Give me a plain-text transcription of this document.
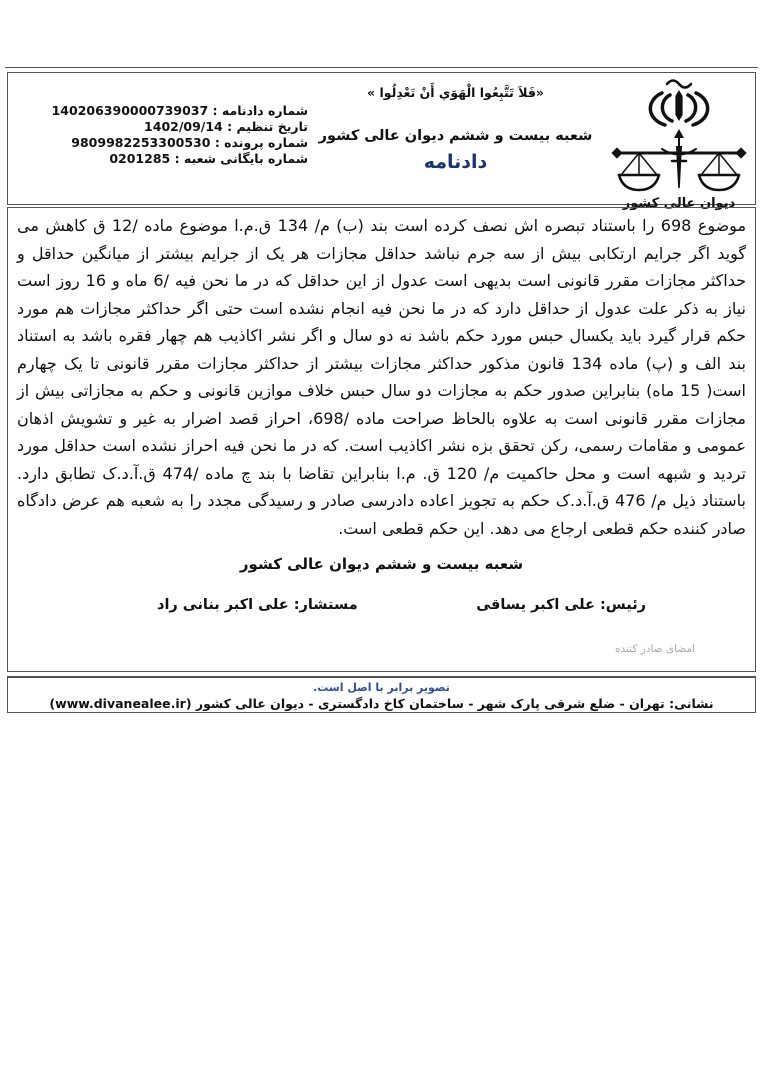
دیوان عالی کشور
«فَلاَ تَتَّبِعُوا الْهَوَي أَنْ تَعْدِلُوا »
شعبه بیست و ششم دیوان عالی کشور
دادنامه
شماره دادنامه : 140206390000739037
تاریخ تنظیم : 1402/09/14
شماره پرونده : 9809982253300530
شماره بایگانی شعبه : 0201285

موضوع 698 را باستناد تبصره اش نصف کرده است بند (ب) م/ 134 ق.م.ا موضوع ماده /12 ق کاهش می گوید اگر جرایم ارتکابی بیش از سه جرم نباشد حداقل مجازات هر یک از جرایم بیشتر از میانگین حداقل و حداکثر مجازات مقرر قانونی است بدیهی است عدول از این حداقل که در ما نحن فیه /6 ماه و 16 روز است نیاز به ذکر علت عدول از حداقل دارد که در ما نحن فیه انجام نشده است حتی اگر حداکثر مجازات هم مورد حکم قرار گیرد باید یکسال حبس مورد حکم باشد نه دو سال و اگر نشر اکاذیب هم چهار فقره باشد به استناد بند الف و (پ) ماده 134 قانون مذکور حداکثر مجازات بیشتر از حداکثر مجازات مقرر قانونی تا یک چهارم است( 15 ماه) بنابراین صدور حکم به مجازات دو سال حبس خلاف موازین قانونی و حکم به مجازاتی بیش از مجازات مقرر قانونی است به علاوه بالحاظ صراحت ماده /698، احراز قصد اضرار به غیر و تشویش اذهان عمومی و مقامات رسمی، رکن تحقق بزه نشر اکاذیب است. که در ما نحن فیه احراز نشده است حداقل مورد تردید و شبهه است و محل حاکمیت م/ 120 ق. م.ا بنابراین تقاضا با بند چ ماده /474 ق.آ.د.ک تطابق دارد. باستناد ذیل م/ 476 ق.آ.د.ک حکم به تجویز اعاده دادرسی صادر و رسیدگی مجدد را به شعبه هم عرض دادگاه صادر کننده حکم قطعی ارجاع می دهد. این حکم قطعی است.

شعبه بیست و ششم دیوان عالی کشور
رئیس: علی اکبر یساقی
مستشار: علی اکبر بنانی راد
امضای صادر کننده
تصویر برابر با اصل است.
نشانی: تهران - ضلع شرقی پارک شهر - ساختمان کاخ دادگستری - دیوان عالی کشور (www.divanealee.ir)
